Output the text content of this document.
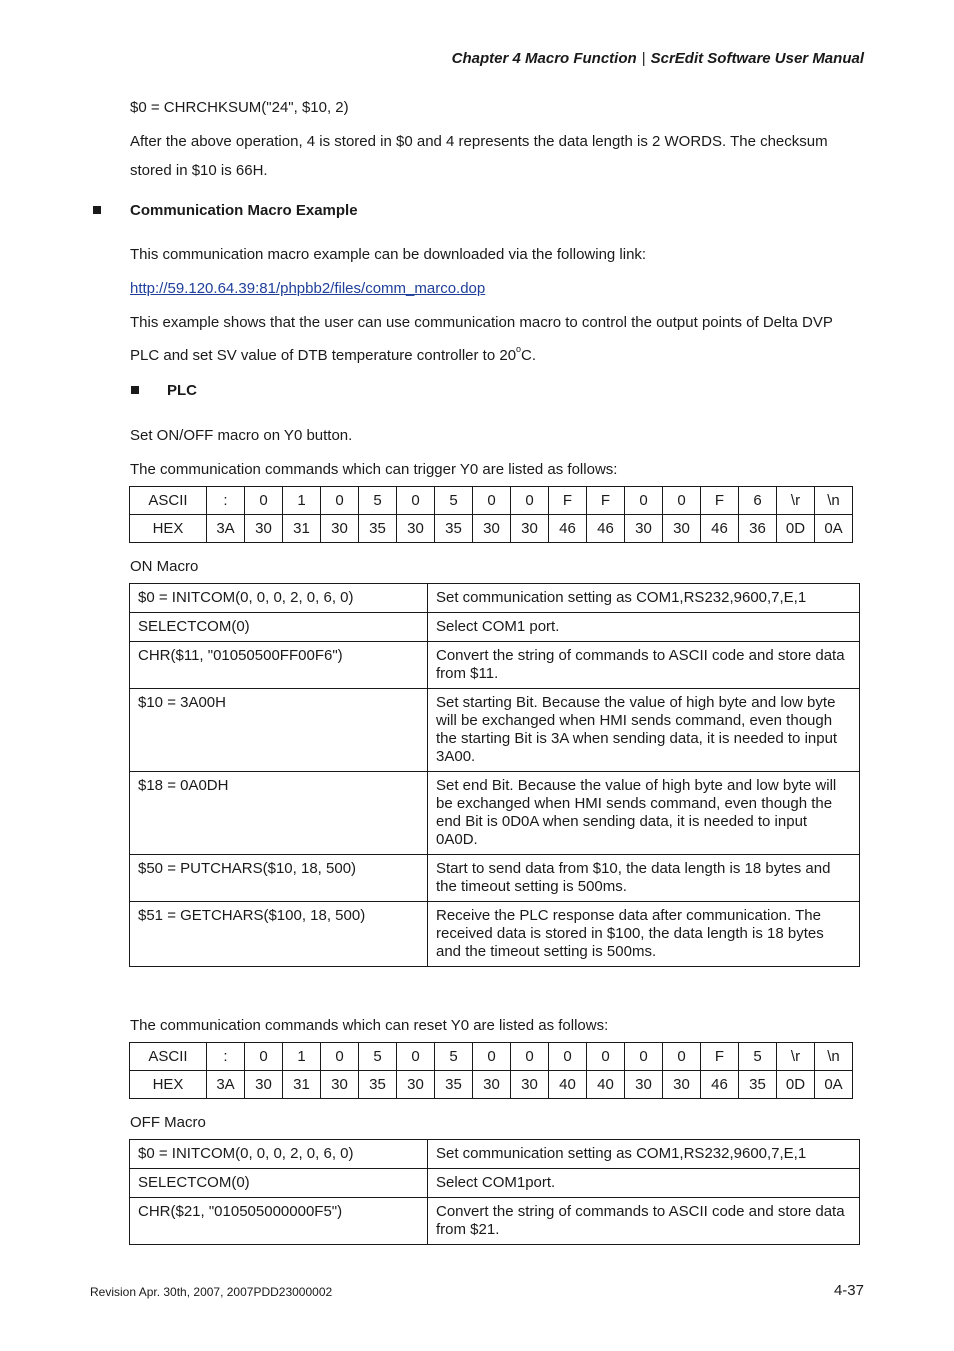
Chapter 4 Macro Function | ScrEdit Software User Manual
$0 = CHRCHKSUM("24", $10, 2)
After the above operation, 4 is stored in $0 and 4 represents the data length is 2 WORDS. The checksum stored in $10 is 66H.
Communication Macro Example
This communication macro example can be downloaded via the following link:
http://59.120.64.39:81/phpbb2/files/comm_marco.dop
This example shows that the user can use communication macro to control the output points of Delta DVP PLC and set SV value of DTB temperature controller to 20$^o$C.
PLC
Set ON/OFF macro on Y0 button.
The communication commands which can trigger Y0 are listed as follows:
ASCII	:	0	1	0	5	0	5	0	0	F	F	0	0	F	6	\r	\n
HEX	3A	30	31	30	35	30	35	30	30	46	46	30	30	46	36	0D	0A
ON Macro
$0 = INITCOM(0, 0, 0, 2, 0, 6, 0)	Set communication setting as COM1,RS232,9600,7,E,1
SELECTCOM(0)	Select COM1 port.
CHR($11, "01050500FF00F6")	Convert the string of commands to ASCII code and store data from $11.
$10 = 3A00H	Set starting Bit. Because the value of high byte and low byte will be exchanged when HMI sends command, even though the starting Bit is 3A when sending data, it is needed to input 3A00.
$18 = 0A0DH	Set end Bit. Because the value of high byte and low byte will be exchanged when HMI sends command, even though the end Bit is 0D0A when sending data, it is needed to input 0A0D.
$50 = PUTCHARS($10, 18, 500)	Start to send data from $10, the data length is 18 bytes and the timeout setting is 500ms.
$51 = GETCHARS($100, 18, 500)	Receive the PLC response data after communication. The received data is stored in $100, the data length is 18 bytes and the timeout setting is 500ms.
The communication commands which can reset Y0 are listed as follows:
ASCII	:	0	1	0	5	0	5	0	0	0	0	0	0	F	5	\r	\n
HEX	3A	30	31	30	35	30	35	30	30	40	40	30	30	46	35	0D	0A
OFF Macro
$0 = INITCOM(0, 0, 0, 2, 0, 6, 0)	Set communication setting as COM1,RS232,9600,7,E,1
SELECTCOM(0)	Select COM1port.
CHR($21, "010505000000F5")	Convert the string of commands to ASCII code and store data from $21.
Revision Apr. 30th, 2007, 2007PDD23000002	4-37
